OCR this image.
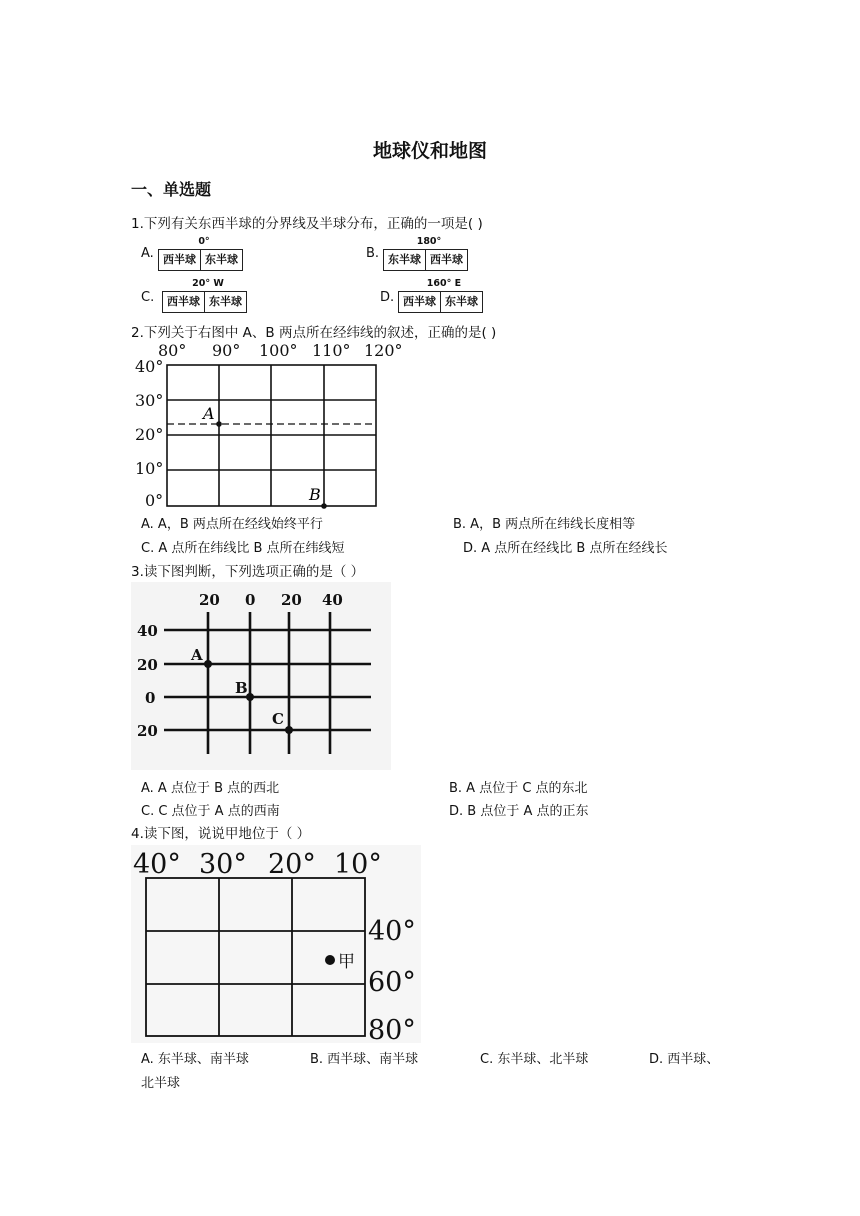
地球仪和地图
一、单选题
1.下列有关东西半球的分界线及半球分布，正确的一项是( )
A.
0°
西半球 东半球	B.
180°
东半球 西半球
C.
20° W
西半球 东半球	D.
160° E
西半球 东半球
2.下列关于右图中 A、B 两点所在经纬线的叙述，正确的是( )
A
B
80° 90° 100° 110° 120°
40°
30°
20°
10°
0°
A. A，B 两点所在经线始终平行	B. A，B 两点所在纬线长度相等
C. A 点所在纬线比 B 点所在纬线短	D. A 点所在经线比 B 点所在经线长
3.读下图判断，下列选项正确的是（ ）
20 0 20 40
40
20
0
20
A
B
C
A. A 点位于 B 点的西北	B. A 点位于 C 点的东北
C. C 点位于 A 点的西南	D. B 点位于 A 点的正东
4.读下图，说说甲地位于（ ）
甲
40° 30° 20° 10°
40°
60°
80°
A. 东半球、南半球	B. 西半球、南半球	C. 东半球、北半球	D. 西半球、
北半球
